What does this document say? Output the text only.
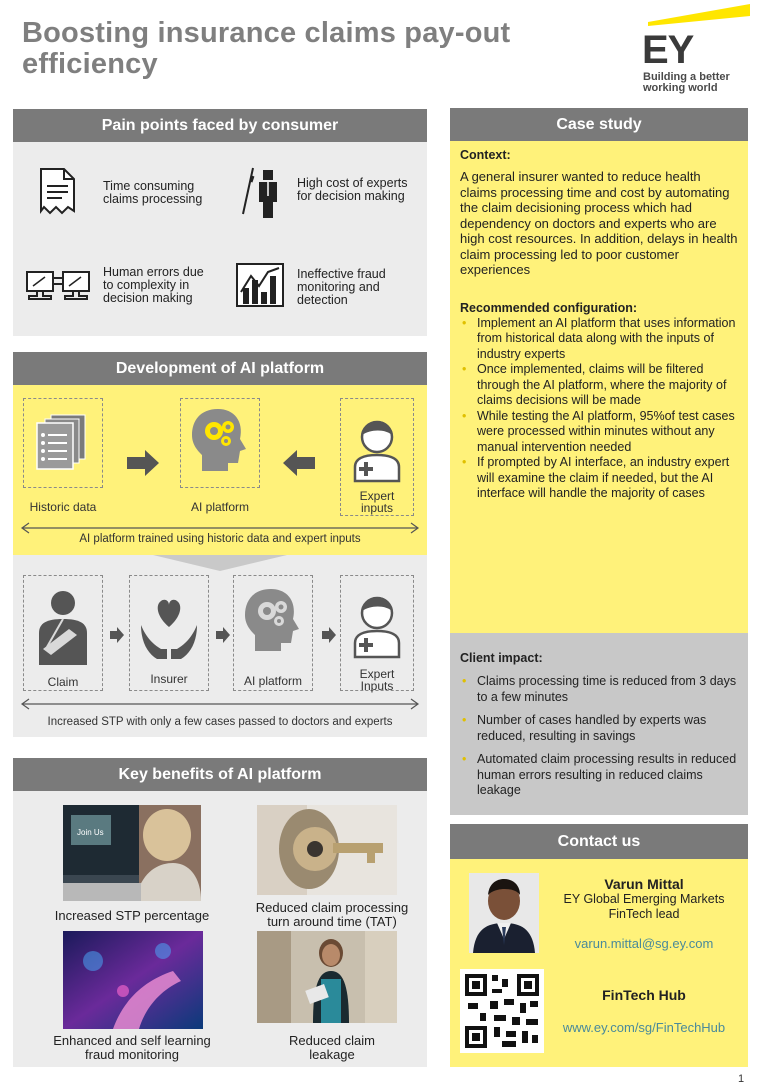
Boosting insurance claims pay-out efficiency	EY
Building a better
working world
Pain points faced by consumer
Time consuming
claims processing
High cost of experts
for decision making
Human errors due
to complexity in
decision making
Ineffective fraud
monitoring and
detection
Development of AI platform
Historic data	AI platform
Expert
inputs
AI platform trained using historic data and expert inputs
Claim	Insurer	AI platform	Expert
Inputs
Increased STP with only a few cases passed to doctors and experts
Key benefits of AI platform
Join Us
Increased STP percentage
Reduced claim processing
turn around time (TAT)
Enhanced and self learning
fraud monitoring
Reduced claim
leakage
Case study
Context:
A general insurer wanted to reduce health claims processing time and cost by automating the claim decisioning process which had dependency on doctors and experts who are high cost resources. In addition, delays in health claim processing led to poor customer experiences
Recommended configuration:
• Implement an AI platform that uses information from historical data along with the inputs of industry experts
• Once implemented, claims will be filtered through the AI platform, where the majority of claims decisions will be made
• While testing the AI platform, 95%of test cases were processed within minutes without any manual intervention needed
• If prompted by AI interface, an industry expert will examine the claim if needed, but the AI interface will handle the majority of cases
Client impact:
• Claims processing time is reduced from 3 days to a few minutes
• Number of cases handled by experts was reduced, resulting in savings
• Automated claim processing results in reduced human errors resulting in reduced claims leakage
Contact us
Varun Mittal
EY Global Emerging Markets
FinTech lead
varun.mittal@sg.ey.com
FinTech Hub
www.ey.com/sg/FinTechHub
1
